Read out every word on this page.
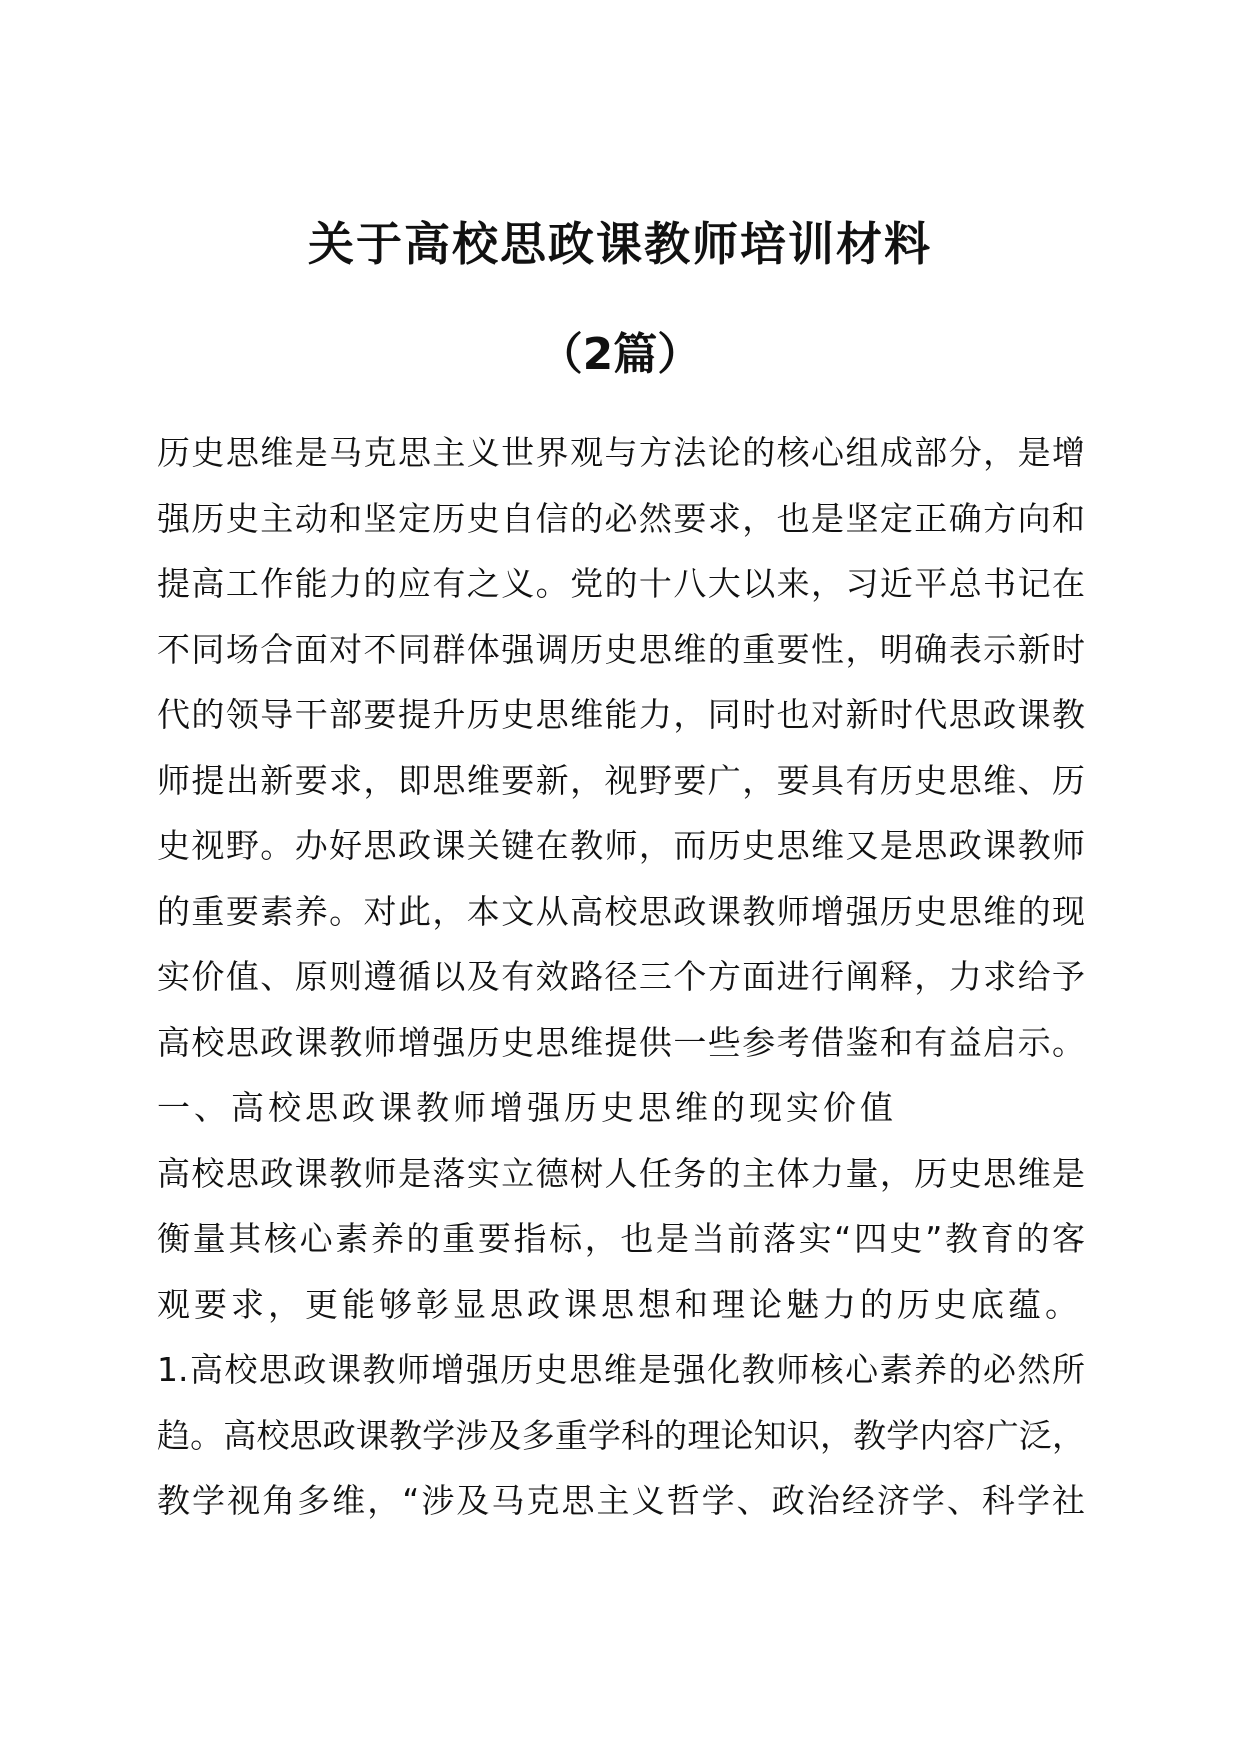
关于高校思政课教师培训材料
（2篇）
历史思维是马克思主义世界观与方法论的核心组成部分，是增
强历史主动和坚定历史自信的必然要求，也是坚定正确方向和
提高工作能力的应有之义。党的十八大以来，习近平总书记在
不同场合面对不同群体强调历史思维的重要性，明确表示新时
代的领导干部要提升历史思维能力，同时也对新时代思政课教
师提出新要求，即思维要新，视野要广，要具有历史思维、历
史视野。办好思政课关键在教师，而历史思维又是思政课教师
的重要素养。对此，本文从高校思政课教师增强历史思维的现
实价值、原则遵循以及有效路径三个方面进行阐释，力求给予
高校思政课教师增强历史思维提供一些参考借鉴和有益启示。
一、高校思政课教师增强历史思维的现实价值
高校思政课教师是落实立德树人任务的主体力量，历史思维是
衡量其核心素养的重要指标，也是当前落实“四史”教育的客
观要求，更能够彰显思政课思想和理论魅力的历史底蕴。
1.高校思政课教师增强历史思维是强化教师核心素养的必然所
趋。高校思政课教学涉及多重学科的理论知识，教学内容广泛，
教学视角多维，“涉及马克思主义哲学、政治经济学、科学社
